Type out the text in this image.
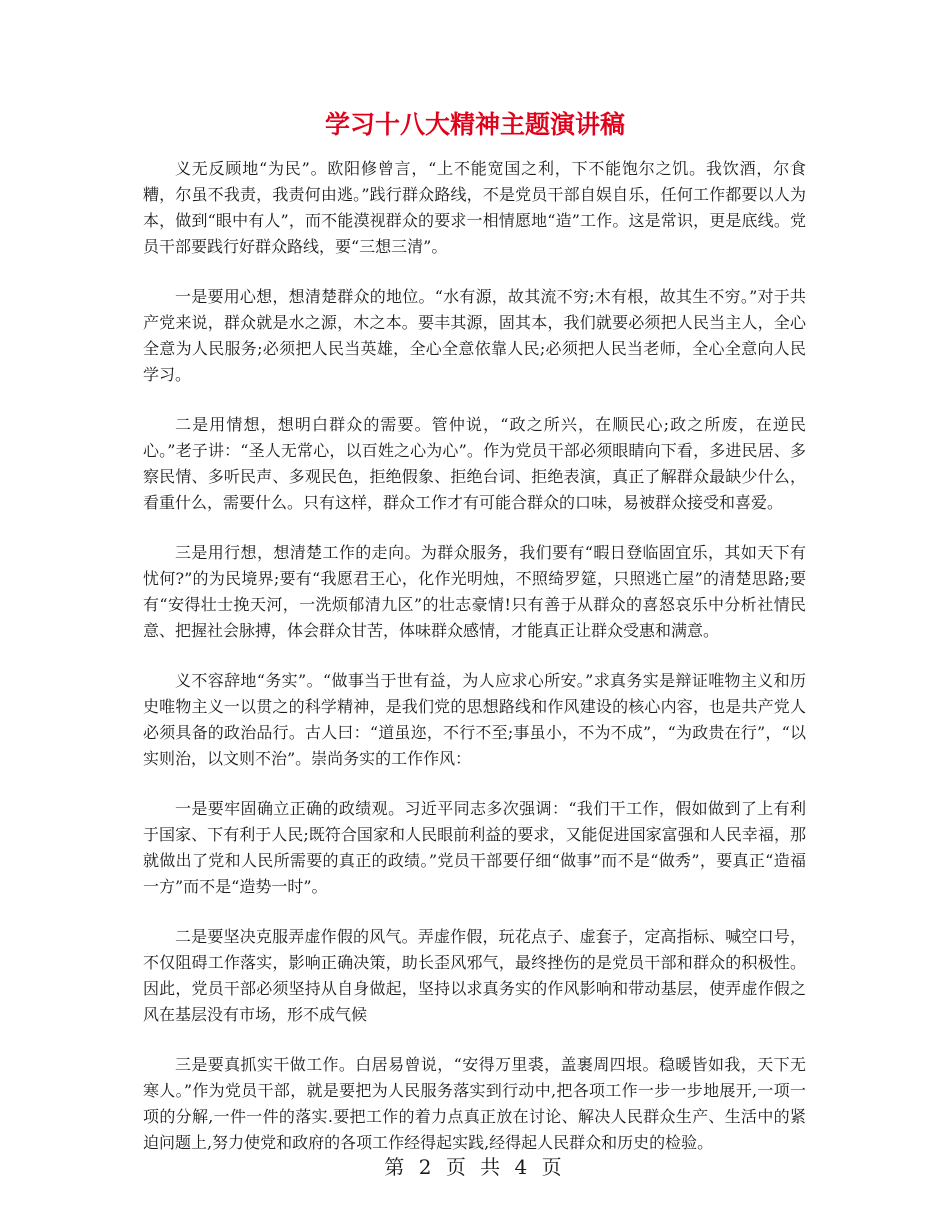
学习十八大精神主题演讲稿

义无反顾地“为民”。欧阳修曾言，“上不能宽国之利，下不能饱尔之饥。我饮酒，尔食糟，尔虽不我责，我责何由逃。”践行群众路线，不是党员干部自娱自乐，任何工作都要以人为本，做到“眼中有人”，而不能漠视群众的要求一相情愿地“造”工作。这是常识，更是底线。党员干部要践行好群众路线，要“三想三清”。

一是要用心想，想清楚群众的地位。“水有源，故其流不穷;木有根，故其生不穷。”对于共产党来说，群众就是水之源，木之本。要丰其源，固其本，我们就要必须把人民当主人，全心全意为人民服务;必须把人民当英雄，全心全意依靠人民;必须把人民当老师，全心全意向人民学习。

二是用情想，想明白群众的需要。管仲说，“政之所兴，在顺民心;政之所废，在逆民心。”老子讲：“圣人无常心，以百姓之心为心”。作为党员干部必须眼睛向下看，多进民居、多察民情、多听民声、多观民色，拒绝假象、拒绝台词、拒绝表演，真正了解群众最缺少什么，看重什么，需要什么。只有这样，群众工作才有可能合群众的口味，易被群众接受和喜爱。

三是用行想，想清楚工作的走向。为群众服务，我们要有“暇日登临固宜乐，其如天下有忧何?”的为民境界;要有“我愿君王心，化作光明烛，不照绮罗筵，只照逃亡屋”的清楚思路;要有“安得壮士挽天河，一洗烦郁清九区”的壮志豪情!只有善于从群众的喜怒哀乐中分析社情民意、把握社会脉搏，体会群众甘苦，体味群众感情，才能真正让群众受惠和满意。

义不容辞地“务实”。“做事当于世有益，为人应求心所安。”求真务实是辩证唯物主义和历史唯物主义一以贯之的科学精神，是我们党的思想路线和作风建设的核心内容，也是共产党人必须具备的政治品行。古人曰：“道虽迩，不行不至;事虽小，不为不成”，“为政贵在行”，“以实则治，以文则不治”。崇尚务实的工作作风：

一是要牢固确立正确的政绩观。习近平同志多次强调：“我们干工作，假如做到了上有利于国家、下有利于人民;既符合国家和人民眼前利益的要求，又能促进国家富强和人民幸福，那就做出了党和人民所需要的真正的政绩。”党员干部要仔细“做事”而不是“做秀”，要真正“造福一方”而不是“造势一时”。

二是要坚决克服弄虚作假的风气。弄虚作假，玩花点子、虚套子，定高指标、喊空口号，不仅阻碍工作落实，影响正确决策，助长歪风邪气，最终挫伤的是党员干部和群众的积极性。因此，党员干部必须坚持从自身做起，坚持以求真务实的作风影响和带动基层，使弄虚作假之风在基层没有市场，形不成气候

三是要真抓实干做工作。白居易曾说，“安得万里裘，盖裹周四垠。稳暖皆如我，天下无寒人。”作为党员干部，就是要把为人民服务落实到行动中,把各项工作一步一步地展开,一项一项的分解,一件一件的落实.要把工作的着力点真正放在讨论、解决人民群众生产、生活中的紧迫问题上,努力使党和政府的各项工作经得起实践,经得起人民群众和历史的检验。

第 2 页 共 4 页
